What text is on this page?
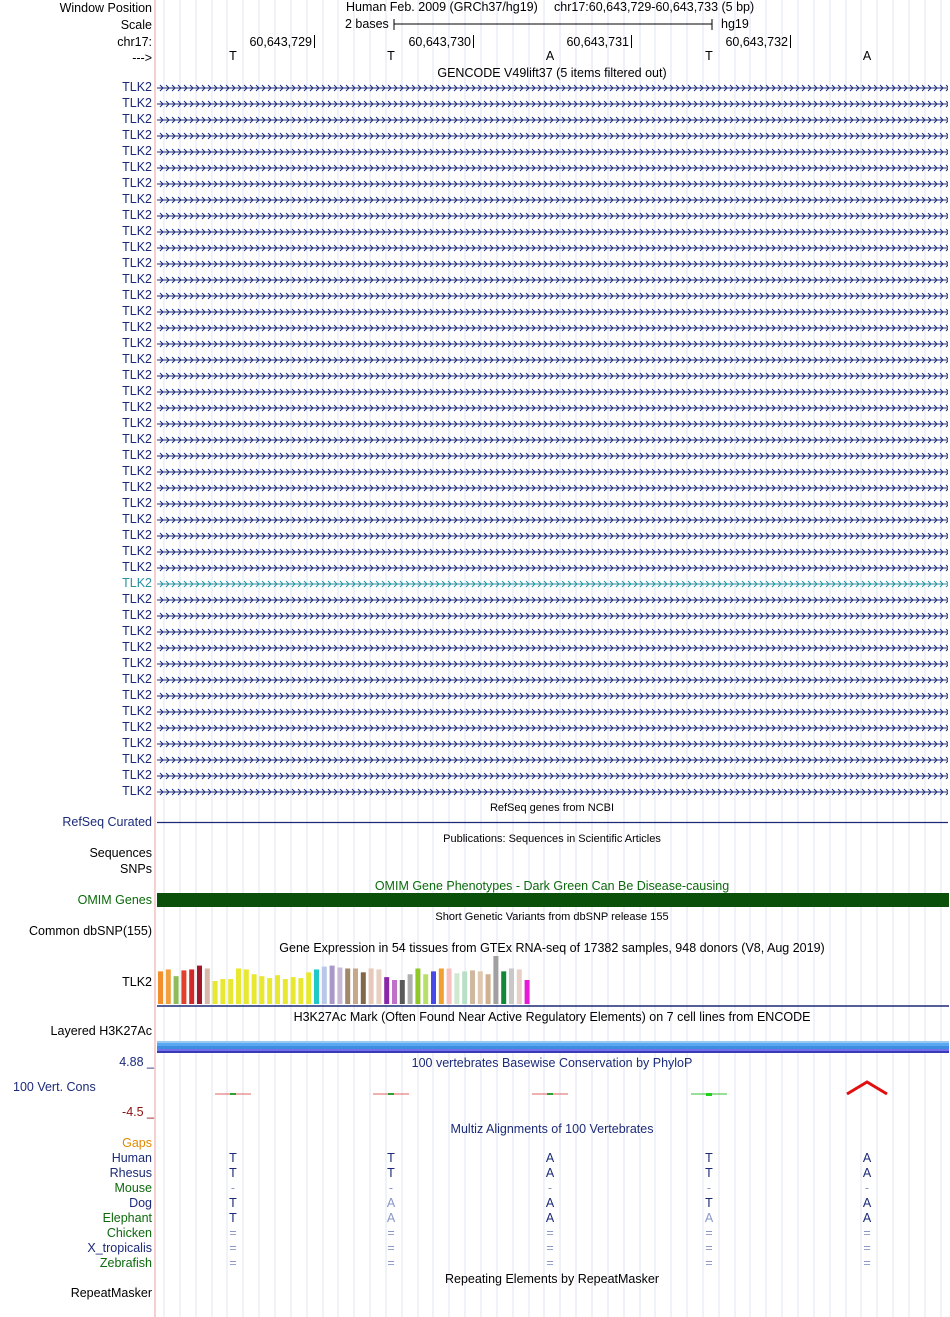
Window Position	Human Feb. 2009 (GRCh37/hg19) chr17:60,643,729-60,643,733 (5 bp)
Scale	2 bases	hg19
chr17:	60,643,729	60,643,730	60,643,731	60,643,732
--->	T	T	A	T	A
GENCODE V49lift37 (5 items filtered out)
TLK2
TLK2
TLK2
TLK2
TLK2
TLK2
TLK2
TLK2
TLK2
TLK2
TLK2
TLK2
TLK2
TLK2
TLK2
TLK2
TLK2
TLK2
TLK2
TLK2
TLK2
TLK2
TLK2
TLK2
TLK2
TLK2
TLK2
TLK2
TLK2
TLK2
TLK2
TLK2
TLK2
TLK2
TLK2
TLK2
TLK2
TLK2
TLK2
TLK2
TLK2
TLK2
TLK2
TLK2
TLK2
RefSeq genes from NCBI
RefSeq Curated
Publications: Sequences in Scientific Articles
Sequences
SNPs
OMIM Gene Phenotypes - Dark Green Can Be Disease-causing
OMIM Genes
Short Genetic Variants from dbSNP release 155
Common dbSNP(155)
Gene Expression in 54 tissues from GTEx RNA-seq of 17382 samples, 948 donors (V8, Aug 2019)
TLK2
H3K27Ac Mark (Often Found Near Active Regulatory Elements) on 7 cell lines from ENCODE
Layered H3K27Ac
4.88 _	100 vertebrates Basewise Conservation by PhyloP
100 Vert. Cons
-4.5 _
Multiz Alignments of 100 Vertebrates
Gaps
Human	T	T	A	T	A
Rhesus	T	T	A	T	A
Mouse	-	-	-	-	-
Dog	T	A	A	T	A
Elephant	T	A	A	A	A
Chicken	=	=	=	=	=
X_tropicalis	=	=	=	=	=
Zebrafish	=	=	=	=	=
Repeating Elements by RepeatMasker
RepeatMasker
